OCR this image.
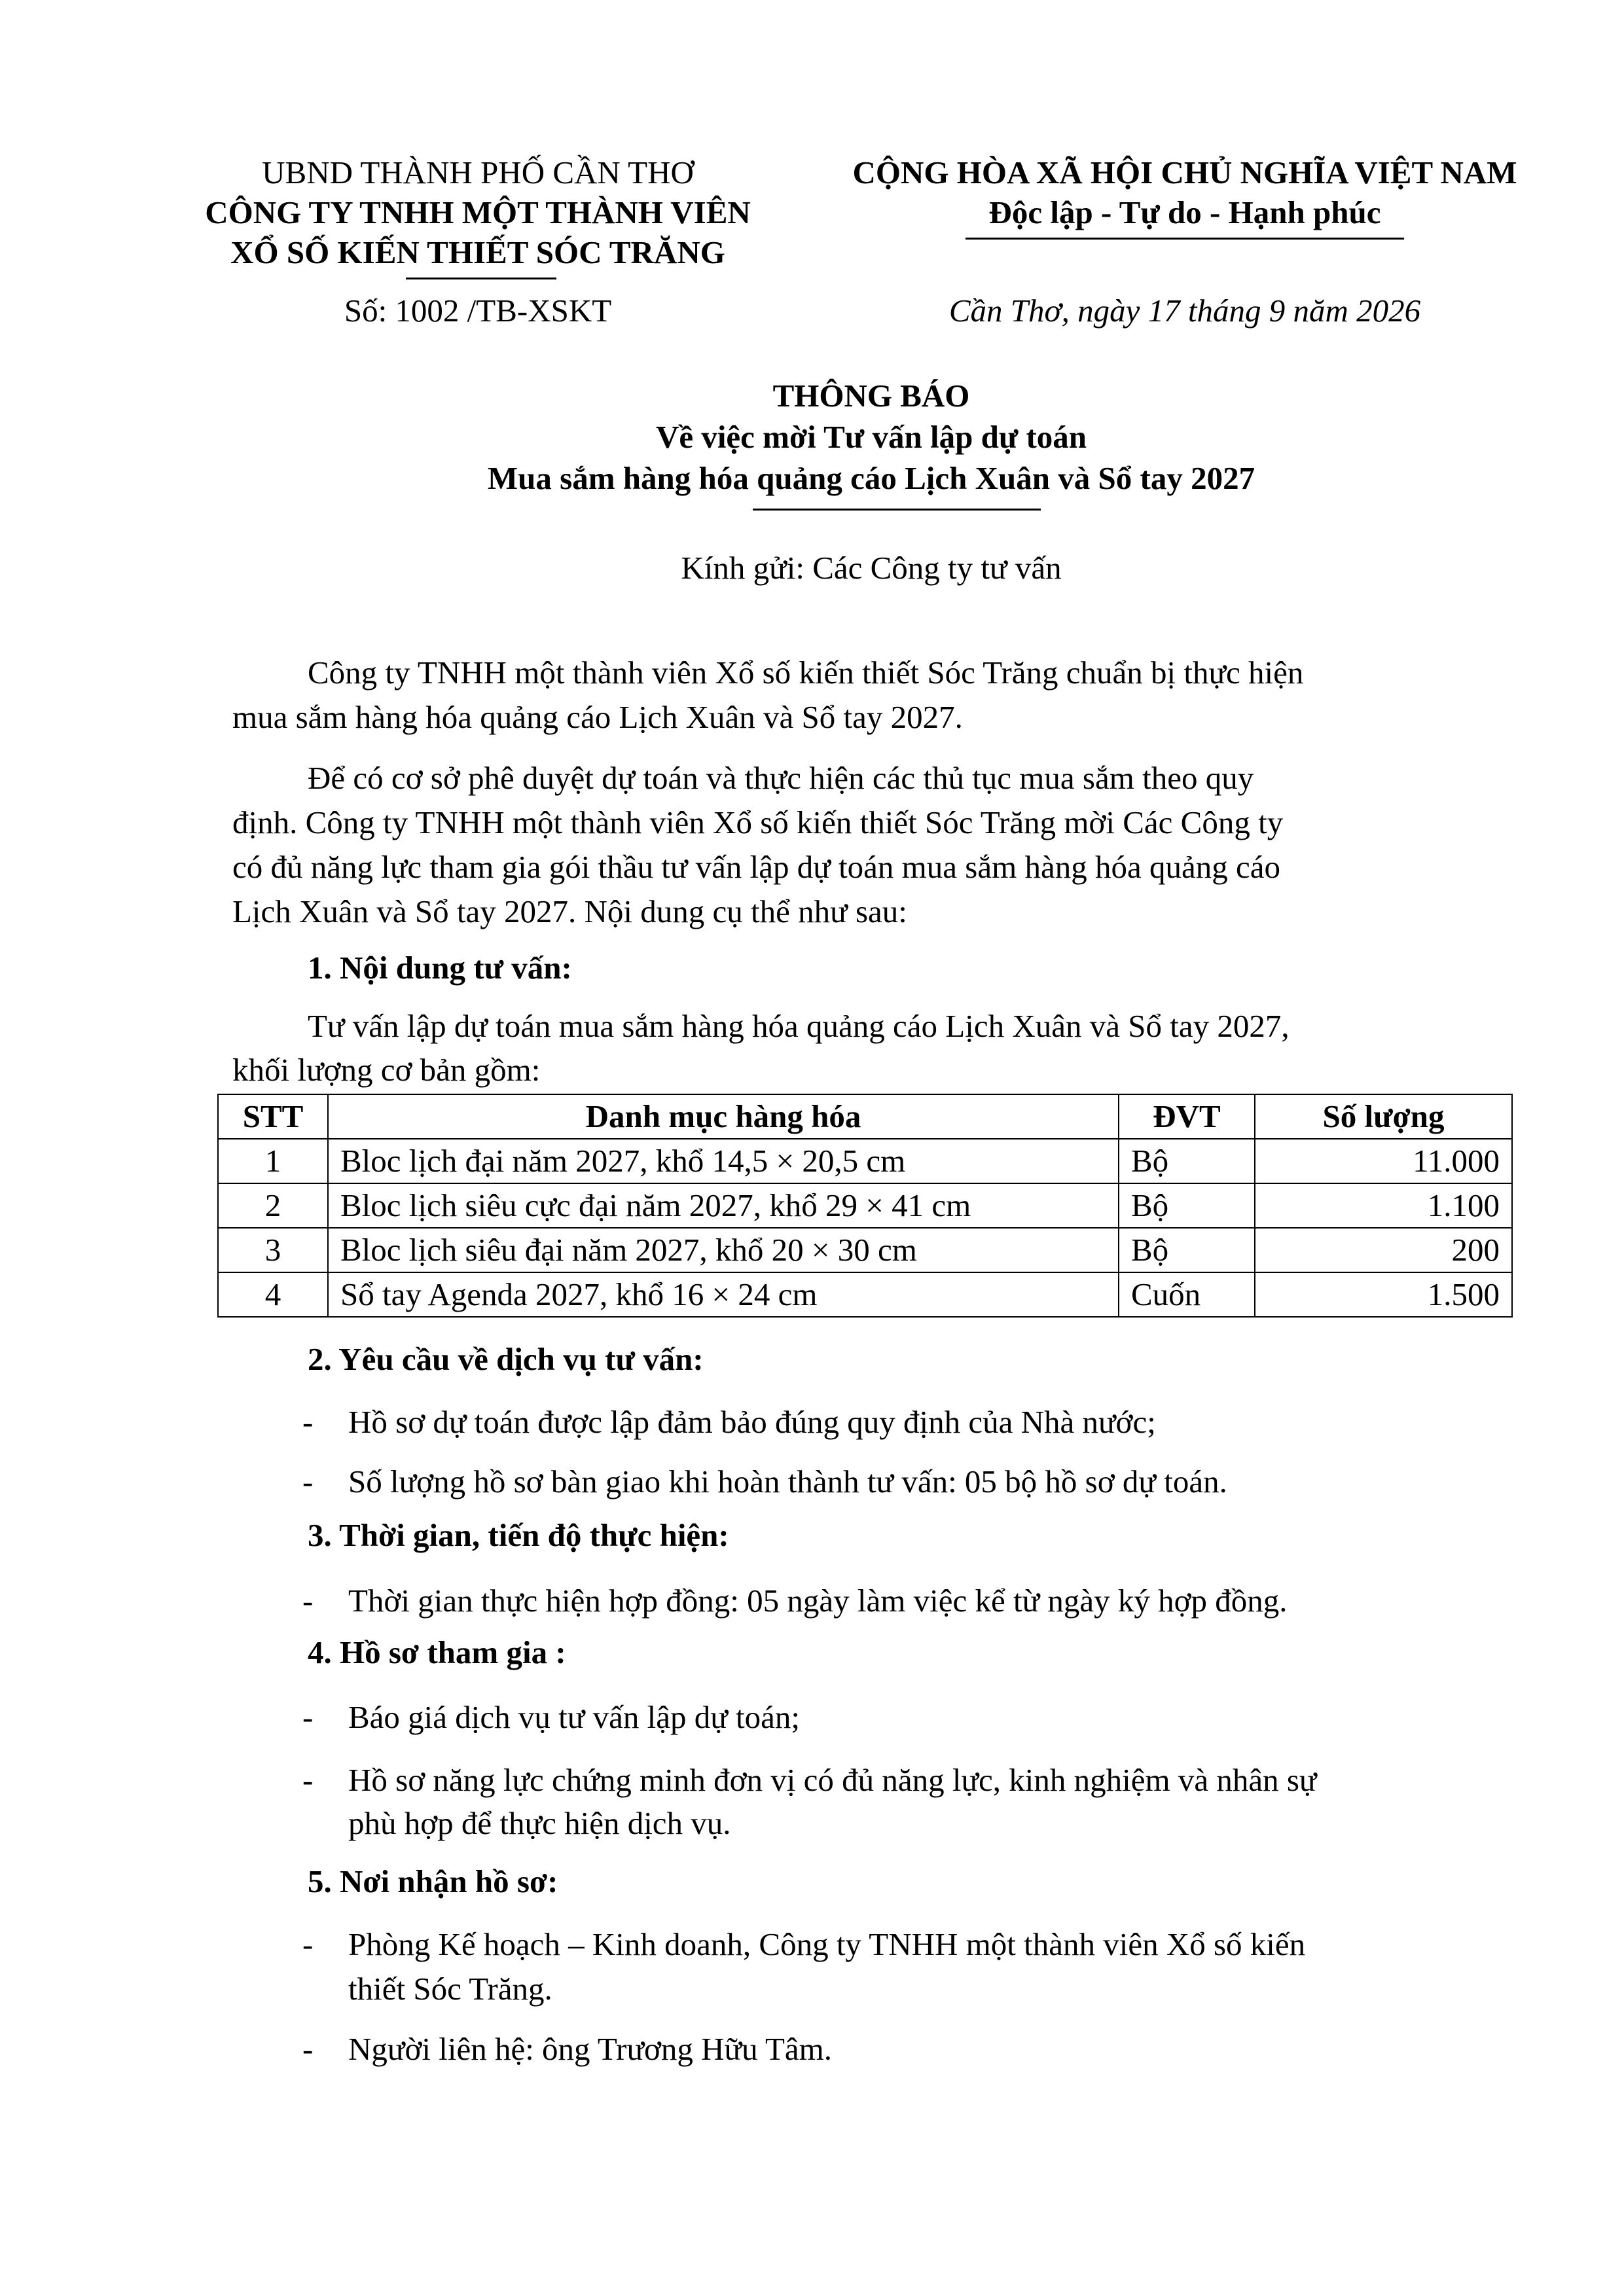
UBND THÀNH PHỐ CẦN THƠ
CÔNG TY TNHH MỘT THÀNH VIÊN
XỔ SỐ KIẾN THIẾT SÓC TRĂNG
CỘNG HÒA XÃ HỘI CHỦ NGHĨA VIỆT NAM
Độc lập - Tự do - Hạnh phúc
Số: 1002 /TB-XSKT	Cần Thơ, ngày 17 tháng 9 năm 2026
THÔNG BÁO
Về việc mời Tư vấn lập dự toán
Mua sắm hàng hóa quảng cáo Lịch Xuân và Sổ tay 2027
Kính gửi: Các Công ty tư vấn
Công ty TNHH một thành viên Xổ số kiến thiết Sóc Trăng chuẩn bị thực hiện
mua sắm hàng hóa quảng cáo Lịch Xuân và Sổ tay 2027.
Để có cơ sở phê duyệt dự toán và thực hiện các thủ tục mua sắm theo quy
định. Công ty TNHH một thành viên Xổ số kiến thiết Sóc Trăng mời Các Công ty
có đủ năng lực tham gia gói thầu tư vấn lập dự toán mua sắm hàng hóa quảng cáo
Lịch Xuân và Sổ tay 2027. Nội dung cụ thể như sau:
1. Nội dung tư vấn:
Tư vấn lập dự toán mua sắm hàng hóa quảng cáo Lịch Xuân và Sổ tay 2027,
khối lượng cơ bản gồm:
STT	Danh mục hàng hóa	ĐVT	Số lượng
1	Bloc lịch đại năm 2027, khổ 14,5 × 20,5 cm	Bộ	11.000
2	Bloc lịch siêu cực đại năm 2027, khổ 29 × 41 cm	Bộ	1.100
3	Bloc lịch siêu đại năm 2027, khổ 20 × 30 cm	Bộ	200
4	Sổ tay Agenda 2027, khổ 16 × 24 cm	Cuốn	1.500
2. Yêu cầu về dịch vụ tư vấn:
- Hồ sơ dự toán được lập đảm bảo đúng quy định của Nhà nước;
- Số lượng hồ sơ bàn giao khi hoàn thành tư vấn: 05 bộ hồ sơ dự toán.
3. Thời gian, tiến độ thực hiện:
- Thời gian thực hiện hợp đồng: 05 ngày làm việc kể từ ngày ký hợp đồng.
4. Hồ sơ tham gia :
- Báo giá dịch vụ tư vấn lập dự toán;
- Hồ sơ năng lực chứng minh đơn vị có đủ năng lực, kinh nghiệm và nhân sự
phù hợp để thực hiện dịch vụ.
5. Nơi nhận hồ sơ:
- Phòng Kế hoạch – Kinh doanh, Công ty TNHH một thành viên Xổ số kiến
thiết Sóc Trăng.
- Người liên hệ: ông Trương Hữu Tâm.
